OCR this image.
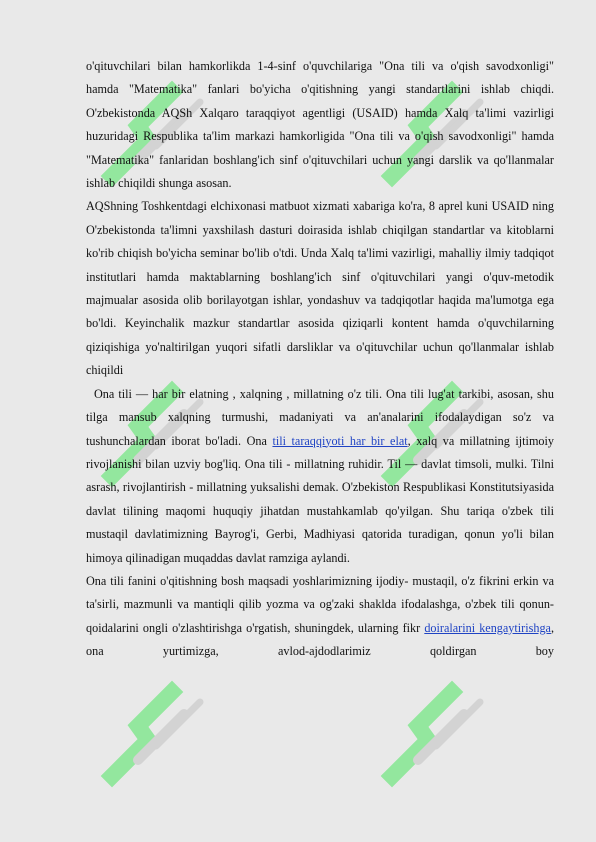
o'qituvchilari bilan hamkorlikda 1-4-sinf o'quvchilariga "Ona tili va o'qish savodxonligi" hamda "Matematika" fanlari bo'yicha o'qitishning yangi standartlarini ishlab chiqdi. O'zbekistonda AQSh Xalqaro taraqqiyot agentligi (USAID) hamda Xalq ta'limi vazirligi huzuridagi Respublika ta'lim markazi hamkorligida "Ona tili va o'qish savodxonligi" hamda "Matematika" fanlaridan boshlang'ich sinf o'qituvchilari uchun yangi darslik va qo'llanmalar ishlab chiqildi shunga asosan.

AQShning Toshkentdagi elchixonasi matbuot xizmati xabariga ko'ra, 8 aprel kuni USAID ning O'zbekistonda ta'limni yaxshilash dasturi doirasida ishlab chiqilgan standartlar va kitoblarni ko'rib chiqish bo'yicha seminar bo'lib o'tdi. Unda Xalq ta'limi vazirligi, mahalliy ilmiy tadqiqot institutlari hamda maktablarning boshlang'ich sinf o'qituvchilari yangi o'quv-metodik majmualar asosida olib borilayotgan ishlar, yondashuv va tadqiqotlar haqida ma'lumotga ega bo'ldi. Keyinchalik mazkur standartlar asosida qiziqarli kontent hamda o'quvchilarning qiziqishiga yo'naltirilgan yuqori sifatli darsliklar va o'qituvchilar uchun qo'llanmalar ishlab chiqildi

Ona tili — har bir elatning , xalqning , millatning o'z tili. Ona tili lug'at tarkibi, asosan, shu tilga mansub xalqning turmushi, madaniyati va an'analarini ifodalaydigan so'z va tushunchalardan iborat bo'ladi. Ona tili taraqqiyoti har bir elat, xalq va millatning ijtimoiy rivojlanishi bilan uzviy bog'liq. Ona tili - millatning ruhidir. Til — davlat timsoli, mulki. Tilni asrash, rivojlantirish - millatning yuksalishi demak. O'zbekiston Respublikasi Konstitutsiyasida davlat tilining maqomi huquqiy jihatdan mustahkamlab qo'yilgan. Shu tariqa o'zbek tili mustaqil davlatimizning Bayrog'i, Gerbi, Madhiyasi qatorida turadigan, qonun yo'li bilan himoya qilinadigan muqaddas davlat ramziga aylandi.

Ona tili fanini o'qitishning bosh maqsadi yoshlarimizning ijodiy- mustaqil, o'z fikrini erkin va ta'sirli, mazmunli va mantiqli qilib yozma va og'zaki shaklda ifodalashga, o'zbek tili qonun- qoidalarini ongli o'zlashtirishga o'rgatish, shuningdek, ularning fikr doiralarini kengaytirishga, ona yurtimizga, avlod-ajdodlarimiz qoldirgan boy
